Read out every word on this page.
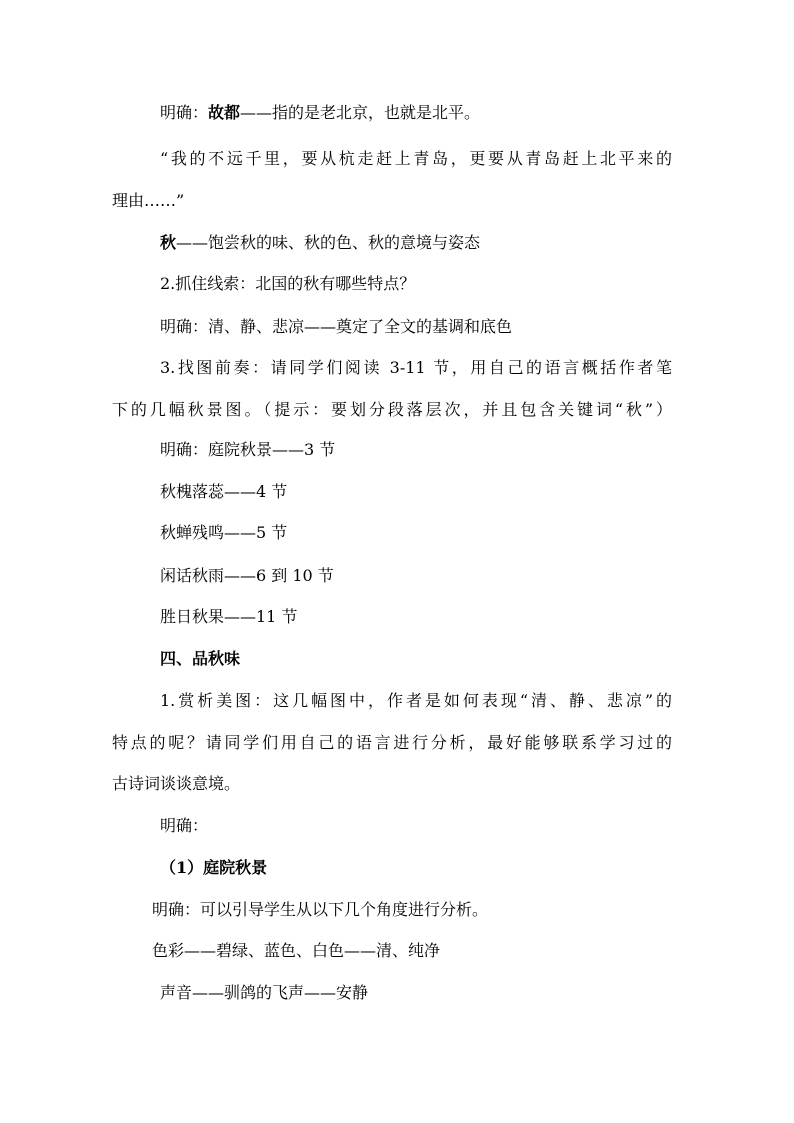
明确：故都——指的是老北京，也就是北平。
“我的不远千里，要从杭走赶上青岛，更要从青岛赶上北平来的
理由……”
秋——饱尝秋的味、秋的色、秋的意境与姿态
2.抓住线索：北国的秋有哪些特点？
明确：清、静、悲凉——奠定了全文的基调和底色
3.找图前奏：请同学们阅读 3-11 节，用自己的语言概括作者笔
下的几幅秋景图。（提示：要划分段落层次，并且包含关键词“秋”）
明确：庭院秋景——3 节
秋槐落蕊——4 节
秋蝉残鸣——5 节
闲话秋雨——6 到 10 节
胜日秋果——11 节
四、品秋味
1.赏析美图：这几幅图中，作者是如何表现“清、静、悲凉”的
特点的呢？请同学们用自己的语言进行分析，最好能够联系学习过的
古诗词谈谈意境。
明确：
（1）庭院秋景
明确：可以引导学生从以下几个角度进行分析。
色彩——碧绿、蓝色、白色——清、纯净
声音——驯鸽的飞声——安静
